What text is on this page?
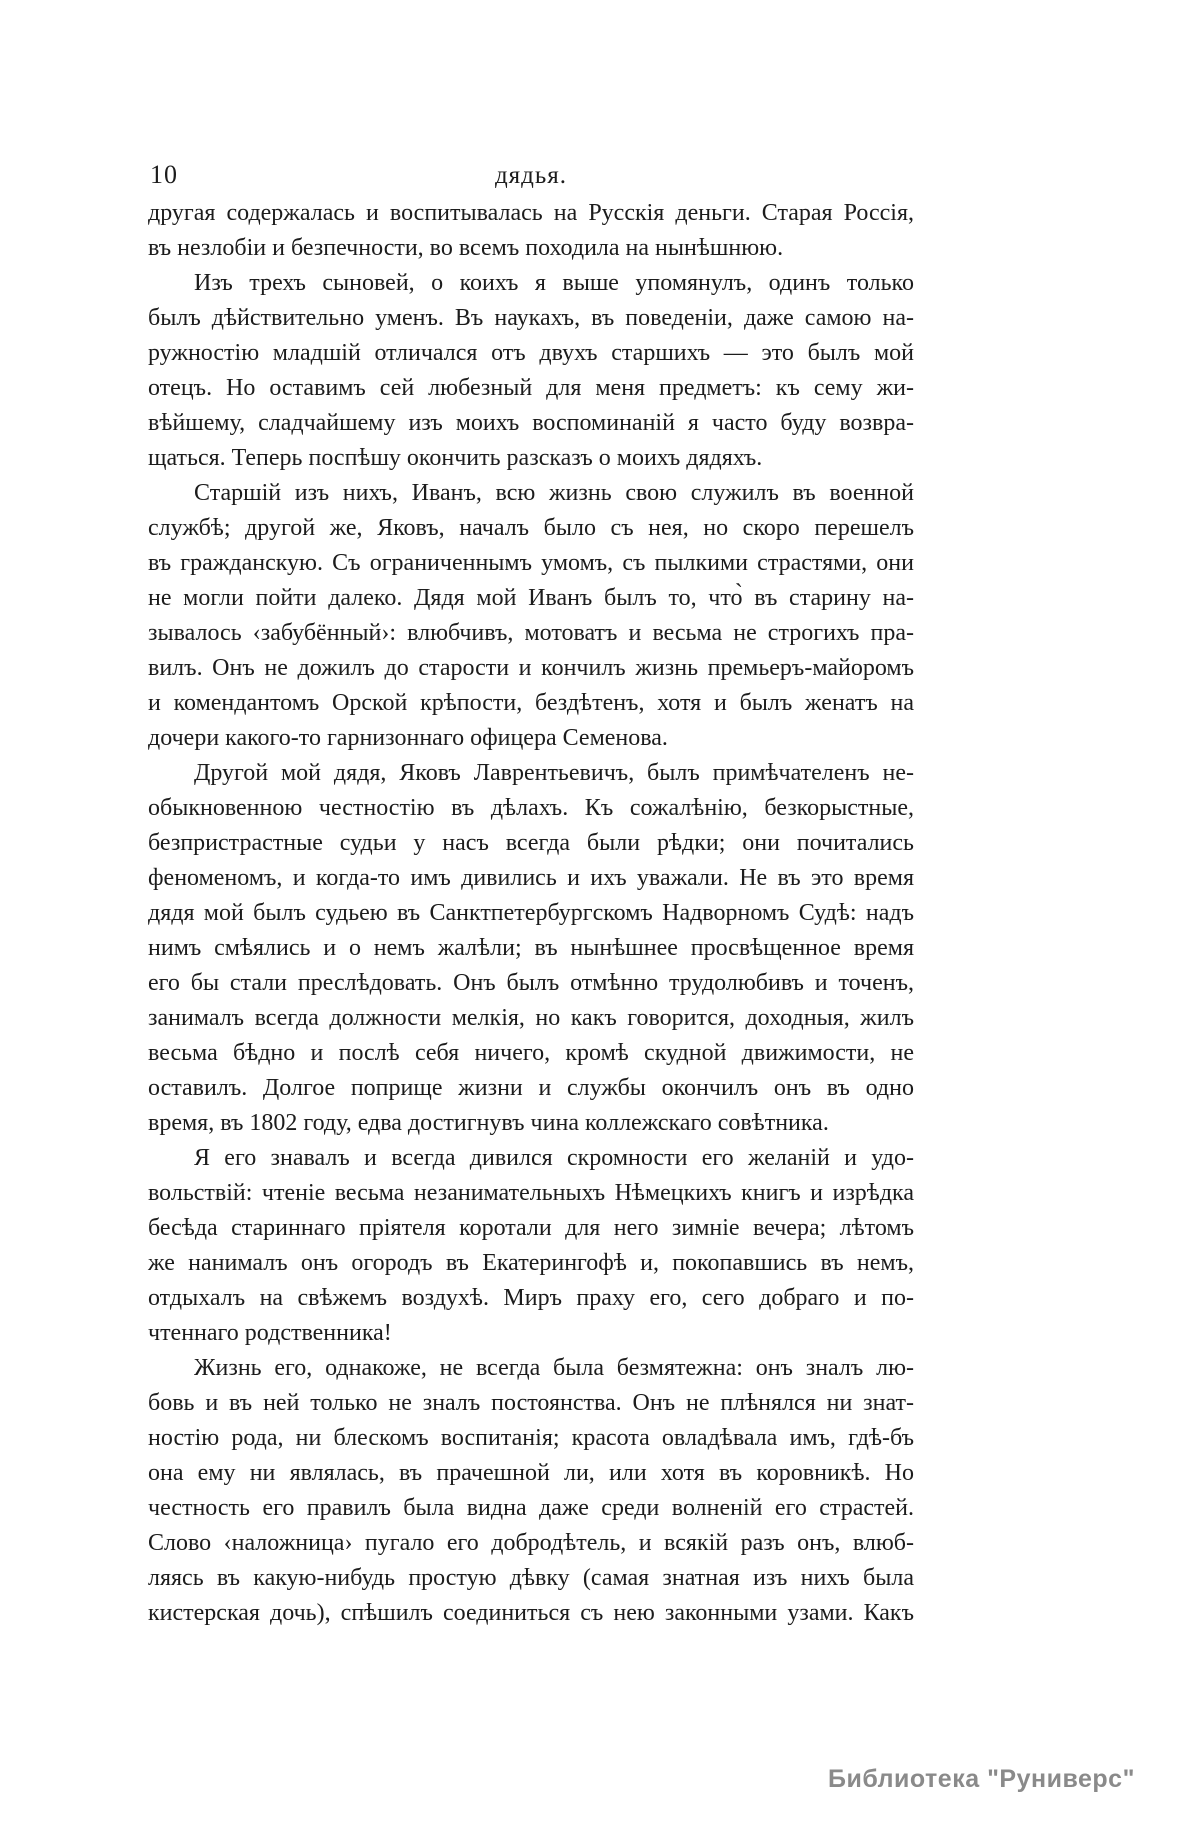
10	дядья.
другая содержалась и воспитывалась на Русскія деньги. Старая Россія,
въ незлобіи и безпечности, во всемъ походила на нынѣшнюю.
Изъ трехъ сыновей, о коихъ я выше упомянулъ, одинъ только
былъ дѣйствительно уменъ. Въ наукахъ, въ поведеніи, даже самою на-
ружностію младшій отличался отъ двухъ старшихъ — это былъ мой
отецъ. Но оставимъ сей любезный для меня предметъ: къ сему жи-
вѣйшему, сладчайшему изъ моихъ воспоминаній я часто буду возвра-
щаться. Теперь поспѣшу окончить разсказъ о моихъ дядяхъ.
Старшій изъ нихъ, Иванъ, всю жизнь свою служилъ въ военной
службѣ; другой же, Яковъ, началъ было съ нея, но скоро перешелъ
въ гражданскую. Съ ограниченнымъ умомъ, съ пылкими страстями, они
не могли пойти далеко. Дядя мой Иванъ былъ то, что̀ въ старину на-
зывалось ‹забубённый›: влюбчивъ, мотоватъ и весьма не строгихъ пра-
вилъ. Онъ не дожилъ до старости и кончилъ жизнь премьеръ-майоромъ
и комендантомъ Орской крѣпости, бездѣтенъ, хотя и былъ женатъ на
дочери какого-то гарнизоннаго офицера Семенова.
Другой мой дядя, Яковъ Лаврентьевичъ, былъ примѣчателенъ не-
обыкновенною честностію въ дѣлахъ. Къ сожалѣнію, безкорыстные,
безпристрастные судьи у насъ всегда были рѣдки; они почитались
феноменомъ, и когда-то имъ дивились и ихъ уважали. Не въ это время
дядя мой былъ судьею въ Санктпетербургскомъ Надворномъ Судѣ: надъ
нимъ смѣялись и о немъ жалѣли; въ нынѣшнее просвѣщенное время
его бы стали преслѣдовать. Онъ былъ отмѣнно трудолюбивъ и точенъ,
занималъ всегда должности мелкія, но какъ говорится, доходныя, жилъ
весьма бѣдно и послѣ себя ничего, кромѣ скудной движимости, не
оставилъ. Долгое поприще жизни и службы окончилъ онъ въ одно
время, въ 1802 году, едва достигнувъ чина коллежскаго совѣтника.
Я его знавалъ и всегда дивился скромности его желаній и удо-
вольствій: чтеніе весьма незанимательныхъ Нѣмецкихъ книгъ и изрѣдка
бесѣда стариннаго пріятеля коротали для него зимніе вечера; лѣтомъ
же нанималъ онъ огородъ въ Екатерингофѣ и, покопавшись въ немъ,
отдыхалъ на свѣжемъ воздухѣ. Миръ праху его, сего добраго и по-
чтеннаго родственника!
Жизнь его, однакоже, не всегда была безмятежна: онъ зналъ лю-
бовь и въ ней только не зналъ постоянства. Онъ не плѣнялся ни знат-
ностію рода, ни блескомъ воспитанія; красота овладѣвала имъ, гдѣ-бъ
она ему ни являлась, въ прачешной ли, или хотя въ коровникѣ. Но
честность его правилъ была видна даже среди волненій его страстей.
Слово ‹наложница› пугало его добродѣтель, и всякій разъ онъ, влюб-
ляясь въ какую-нибудь простую дѣвку (самая знатная изъ нихъ была
кистерская дочь), спѣшилъ соединиться съ нею законными узами. Какъ
Библиотека "Руниверс"
